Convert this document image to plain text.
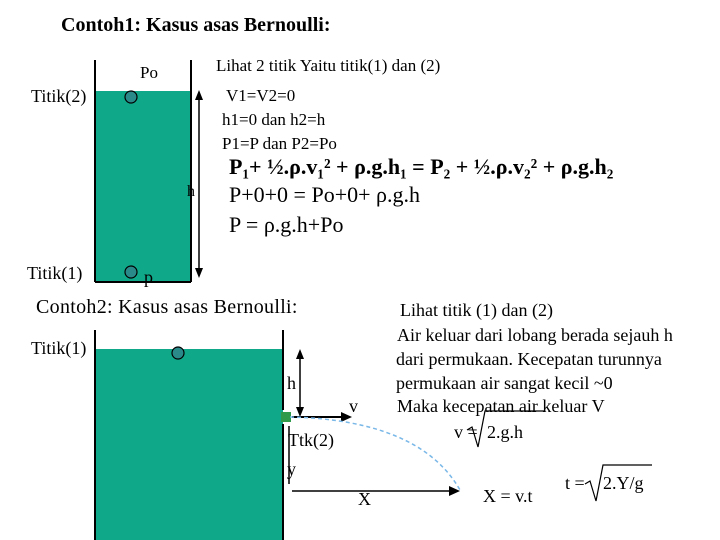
Contoh1: Kasus asas Bernoulli:
Po
Titik(2)
Titik(1)
h
p
Lihat 2 titik Yaitu titik(1) dan (2)
V1=V2=0
h1=0 dan h2=h
P1=P dan P2=Po
P₁+ ½.ρ.v₁² + ρ.g.h₁ = P₂ + ½.ρ.v₂² + ρ.g.h₂
P+0+0 = Po+0+ ρ.g.h
P = ρ.g.h+Po
Contoh2: Kasus asas Bernoulli:
Titik(1)
h
v
Ttk(2)
y
X
Lihat titik (1) dan (2)
Air keluar dari lobang berada sejauh h
dari permukaan. Kecepatan turunnya
permukaan air sangat kecil ~0
Maka kecepatan air keluar V
v = 2.g.h
X = v.t
t = 2.Y/g
